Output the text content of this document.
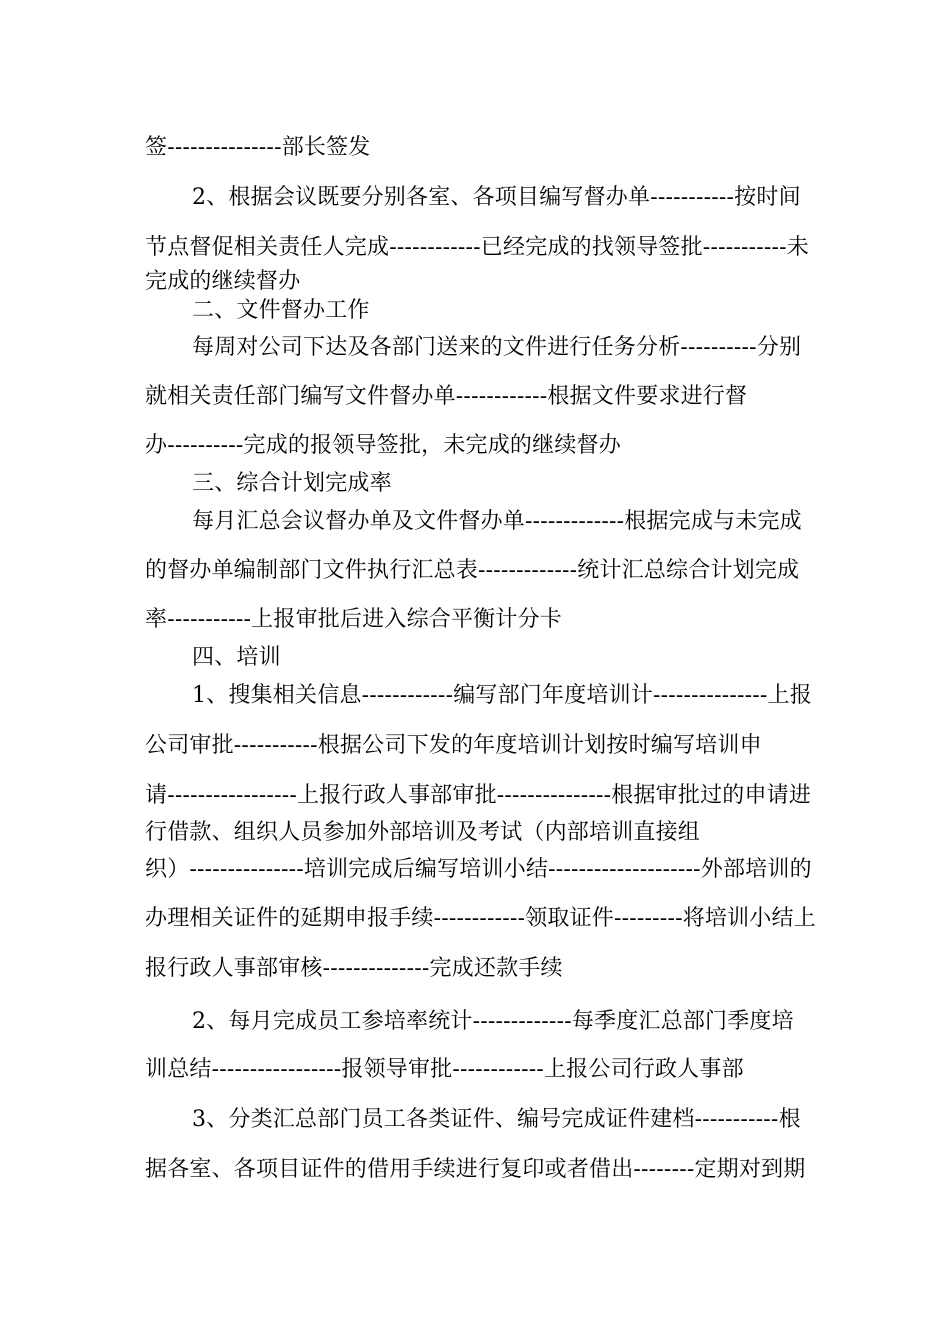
签---------------部长签发
2、根据会议既要分别各室、各项目编写督办单-----------按时间
节点督促相关责任人完成------------已经完成的找领导签批-----------未
完成的继续督办
二、文件督办工作
每周对公司下达及各部门送来的文件进行任务分析----------分别
就相关责任部门编写文件督办单------------根据文件要求进行督
办----------完成的报领导签批，未完成的继续督办
三、综合计划完成率
每月汇总会议督办单及文件督办单-------------根据完成与未完成
的督办单编制部门文件执行汇总表-------------统计汇总综合计划完成
率-----------上报审批后进入综合平衡计分卡
四、培训
1、搜集相关信息------------编写部门年度培训计---------------上报
公司审批-----------根据公司下发的年度培训计划按时编写培训申
请-----------------上报行政人事部审批---------------根据审批过的申请进
行借款、组织人员参加外部培训及考试（内部培训直接组
织）---------------培训完成后编写培训小结--------------------外部培训的
办理相关证件的延期申报手续------------领取证件---------将培训小结上
报行政人事部审核--------------完成还款手续
2、每月完成员工参培率统计-------------每季度汇总部门季度培
训总结-----------------报领导审批------------上报公司行政人事部
3、分类汇总部门员工各类证件、编号完成证件建档-----------根
据各室、各项目证件的借用手续进行复印或者借出--------定期对到期
